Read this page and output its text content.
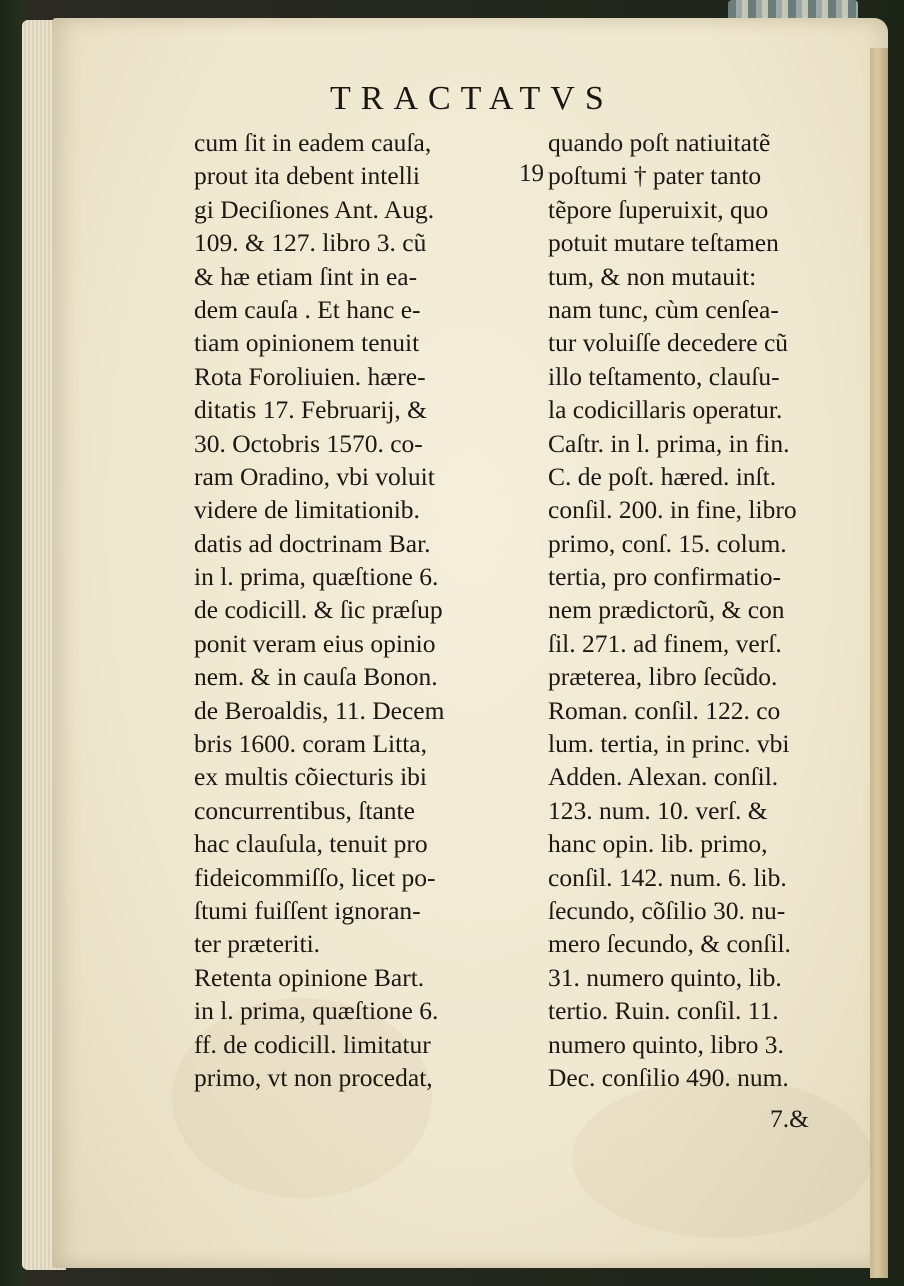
TRACTATVS
cum ſit in eadem cauſa,
prout ita debent intelli
gi Deciſiones Ant. Aug.
109. & 127. libro 3. cũ
& hæ etiam ſint in ea-
dem cauſa . Et hanc e-
tiam opinionem tenuit
Rota Foroliuien. hære-
ditatis 17. Februarij, &
30. Octobris 1570. co-
ram Oradino, vbi voluit
videre de limitationib.
datis ad doctrinam Bar.
in l. prima, quæſtione 6.
de codicill. & ſic præſup
ponit veram eius opinio
nem. & in cauſa Bonon.
de Beroaldis, 11. Decem
bris 1600. coram Litta,
ex multis cõiecturis ibi
concurrentibus, ſtante
hac clauſula, tenuit pro
fideicommiſſo, licet po-
ſtumi fuiſſent ignoran-
ter præteriti.
Retenta opinione Bart.
in l. prima, quæſtione 6.
ff. de codicill. limitatur
primo, vt non procedat,
19
quando poſt natiuitatẽ
poſtumi † pater tanto
tẽpore ſuperuixit, quo
potuit mutare teſtamen
tum, & non mutauit:
nam tunc, cùm cenſea-
tur voluiſſe decedere cũ
illo teſtamento, clauſu-
la codicillaris operatur.
Caſtr. in l. prima, in fin.
C. de poſt. hæred. inſt.
conſil. 200. in fine, libro
primo, conſ. 15. colum.
tertia, pro confirmatio-
nem prædictorũ, & con
ſil. 271. ad finem, verſ.
præterea, libro ſecũdo.
Roman. conſil. 122. co
lum. tertia, in princ. vbi
Adden. Alexan. conſil.
123. num. 10. verſ. &
hanc opin. lib. primo,
conſil. 142. num. 6. lib.
ſecundo, cõſilio 30. nu-
mero ſecundo, & conſil.
31. numero quinto, lib.
tertio. Ruin. conſil. 11.
numero quinto, libro 3.
Dec. conſilio 490. num.
7.&
